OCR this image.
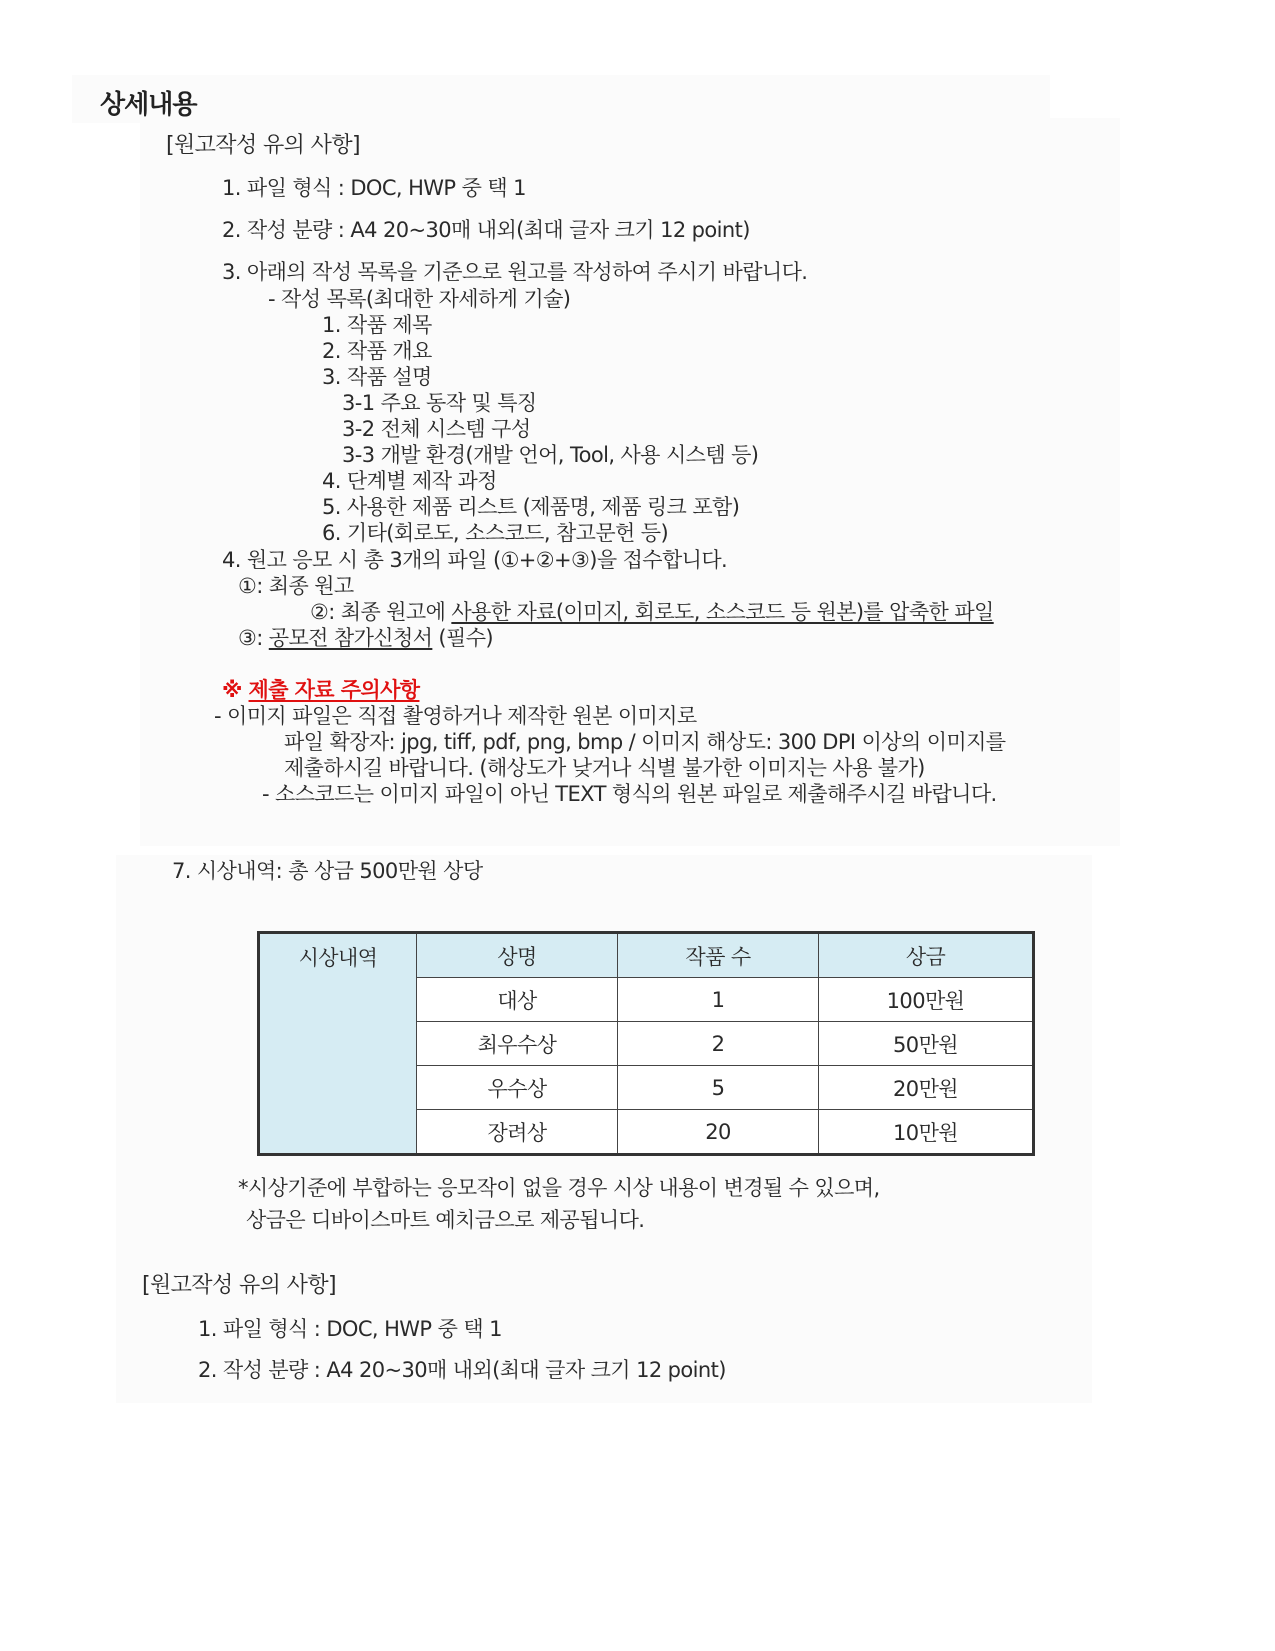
상세내용
[원고작성 유의 사항]
1. 파일 형식 : DOC, HWP 중 택 1
2. 작성 분량 : A4 20~30매 내외(최대 글자 크기 12 point)
3. 아래의 작성 목록을 기준으로 원고를 작성하여 주시기 바랍니다.
- 작성 목록(최대한 자세하게 기술)
1. 작품 제목
2. 작품 개요
3. 작품 설명
3-1 주요 동작 및 특징
3-2 전체 시스템 구성
3-3 개발 환경(개발 언어, Tool, 사용 시스템 등)
4. 단계별 제작 과정
5. 사용한 제품 리스트 (제품명, 제품 링크 포함)
6. 기타(회로도, 소스코드, 참고문헌 등)
4. 원고 응모 시 총 3개의 파일 (①+②+③)을 접수합니다.
①: 최종 원고
②: 최종 원고에 사용한 자료(이미지, 회로도, 소스코드 등 원본)를 압축한 파일
③: 공모전 참가신청서 (필수)
※ 제출 자료 주의사항
- 이미지 파일은 직접 촬영하거나 제작한 원본 이미지로
파일 확장자: jpg, tiff, pdf, png, bmp / 이미지 해상도: 300 DPI 이상의 이미지를
제출하시길 바랍니다. (해상도가 낮거나 식별 불가한 이미지는 사용 불가)
- 소스코드는 이미지 파일이 아닌 TEXT 형식의 원본 파일로 제출해주시길 바랍니다.
7. 시상내역: 총 상금 500만원 상당
시상내역	상명	작품 수	상금
	대상	1	100만원
	최우수상	2	50만원
	우수상	5	20만원
	장려상	20	10만원
*시상기준에 부합하는 응모작이 없을 경우 시상 내용이 변경될 수 있으며,
상금은 디바이스마트 예치금으로 제공됩니다.
[원고작성 유의 사항]
1. 파일 형식 : DOC, HWP 중 택 1
2. 작성 분량 : A4 20~30매 내외(최대 글자 크기 12 point)
